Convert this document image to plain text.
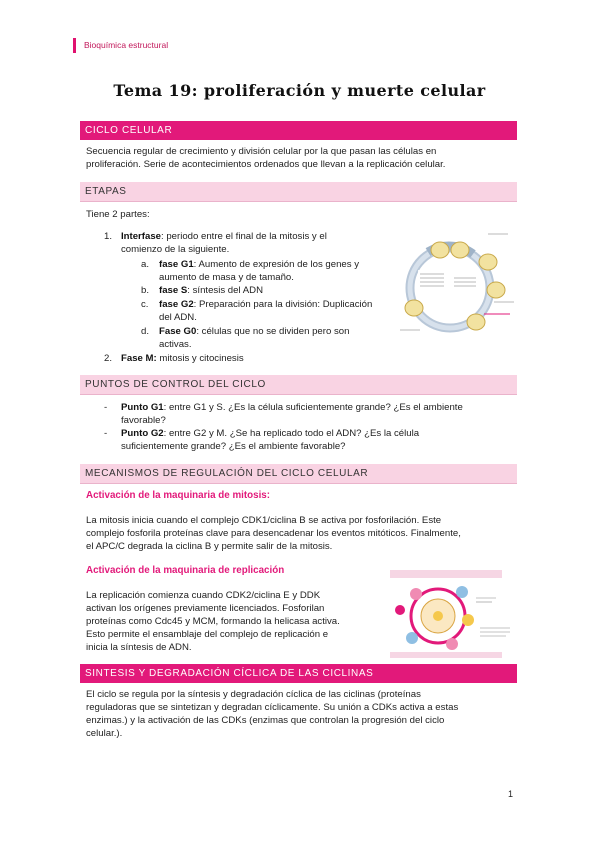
Bioquímica estructural
Tema 19: proliferación y muerte celular
CICLO CELULAR
Secuencia regular de crecimiento y división celular por la que pasan las células en
proliferación. Serie de acontecimientos ordenados que llevan a la replicación celular.
ETAPAS
Tiene 2 partes:
1. Interfase: periodo entre el final de la mitosis y el
comienzo de la siguiente.
a. fase G1: Aumento de expresión de los genes y
aumento de masa y de tamaño.
b. fase S: síntesis del ADN
c. fase G2: Preparación para la división: Duplicación
del ADN.
d. Fase G0: células que no se dividen pero son
activas.
2. Fase M: mitosis y citocinesis
PUNTOS DE CONTROL DEL CICLO
- Punto G1: entre G1 y S. ¿Es la célula suficientemente grande? ¿Es el ambiente
favorable?
- Punto G2: entre G2 y M. ¿Se ha replicado todo el ADN? ¿Es la célula
suficientemente grande? ¿Es el ambiente favorable?
MECANISMOS DE REGULACIÓN DEL CICLO CELULAR
Activación de la maquinaria de mitosis:
La mitosis inicia cuando el complejo CDK1/ciclina B se activa por fosforilación. Este
complejo fosforila proteínas clave para desencadenar los eventos mitóticos. Finalmente,
el APC/C degrada la ciclina B y permite salir de la mitosis.
Activación de la maquinaria de replicación
La replicación comienza cuando CDK2/ciclina E y DDK
activan los orígenes previamente licenciados. Fosforilan
proteínas como Cdc45 y MCM, formando la helicasa activa.
Esto permite el ensamblaje del complejo de replicación e
inicia la síntesis de ADN.
SINTESIS Y DEGRADACIÓN CÍCLICA DE LAS CICLINAS
El ciclo se regula por la síntesis y degradación cíclica de las ciclinas (proteínas
reguladoras que se sintetizan y degradan cíclicamente. Su unión a CDKs activa a estas
enzimas.) y la activación de las CDKs (enzimas que controlan la progresión del ciclo
celular.).
1
